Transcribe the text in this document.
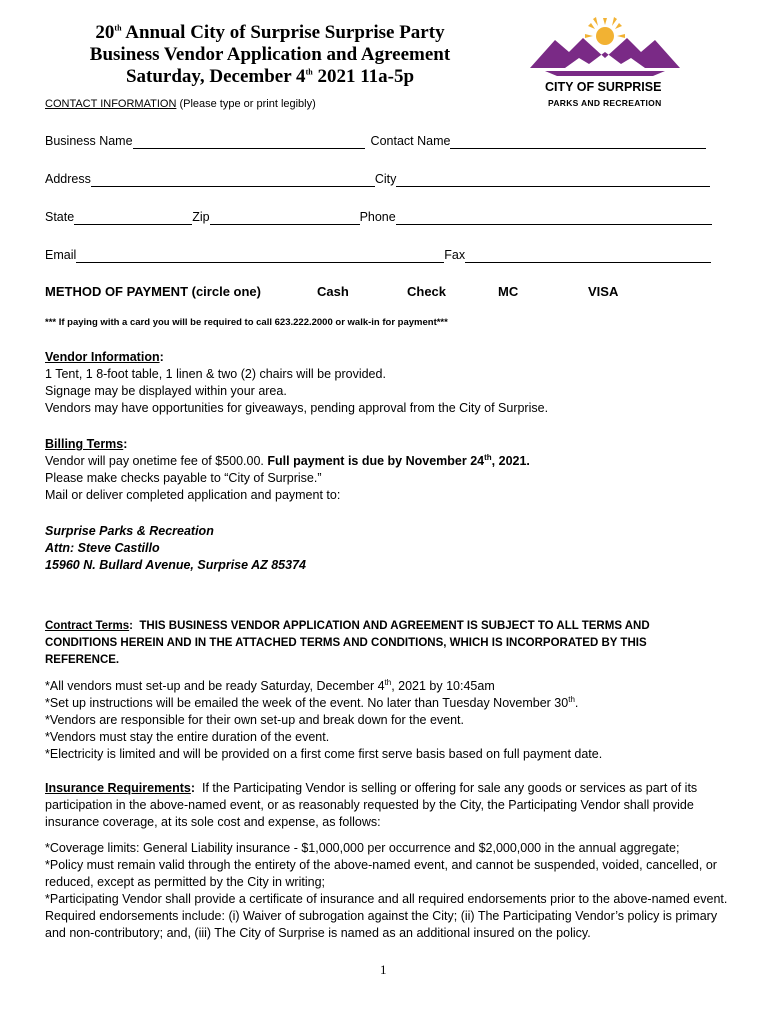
20th Annual City of Surprise Surprise Party
Business Vendor Application and Agreement
Saturday, December 4th 2021 11a-5p	CITY OF SURPRISE
PARKS AND RECREATION
CONTACT INFORMATION (Please type or print legibly)
Business Name	Contact Name
Address	City
State	Zip	Phone
Email	Fax
METHOD OF PAYMENT (circle one)	Cash	Check	MC	VISA
*** If paying with a card you will be required to call 623.222.2000 or walk-in for payment***
Vendor Information:
1 Tent, 1 8-foot table, 1 linen & two (2) chairs will be provided.
Signage may be displayed within your area.
Vendors may have opportunities for giveaways, pending approval from the City of Surprise.
Billing Terms:
Vendor will pay onetime fee of $500.00. Full payment is due by November 24th, 2021.
Please make checks payable to “City of Surprise.”
Mail or deliver completed application and payment to:
Surprise Parks & Recreation
Attn: Steve Castillo
15960 N. Bullard Avenue, Surprise AZ 85374
Contract Terms:  THIS BUSINESS VENDOR APPLICATION AND AGREEMENT IS SUBJECT TO ALL TERMS AND CONDITIONS HEREIN AND IN THE ATTACHED TERMS AND CONDITIONS, WHICH IS INCORPORATED BY THIS REFERENCE.
*All vendors must set-up and be ready Saturday, December 4th, 2021 by 10:45am
*Set up instructions will be emailed the week of the event. No later than Tuesday November 30th.
*Vendors are responsible for their own set-up and break down for the event.
*Vendors must stay the entire duration of the event.
*Electricity is limited and will be provided on a first come first serve basis based on full payment date.
Insurance Requirements:  If the Participating Vendor is selling or offering for sale any goods or services as part of its participation in the above-named event, or as reasonably requested by the City, the Participating Vendor shall provide insurance coverage, at its sole cost and expense, as follows:
*Coverage limits: General Liability insurance - $1,000,000 per occurrence and $2,000,000 in the annual aggregate;
*Policy must remain valid through the entirety of the above-named event, and cannot be suspended, voided, cancelled, or reduced, except as permitted by the City in writing;
*Participating Vendor shall provide a certificate of insurance and all required endorsements prior to the above-named event. Required endorsements include: (i) Waiver of subrogation against the City; (ii) The Participating Vendor’s policy is primary and non-contributory; and, (iii) The City of Surprise is named as an additional insured on the policy.
1
